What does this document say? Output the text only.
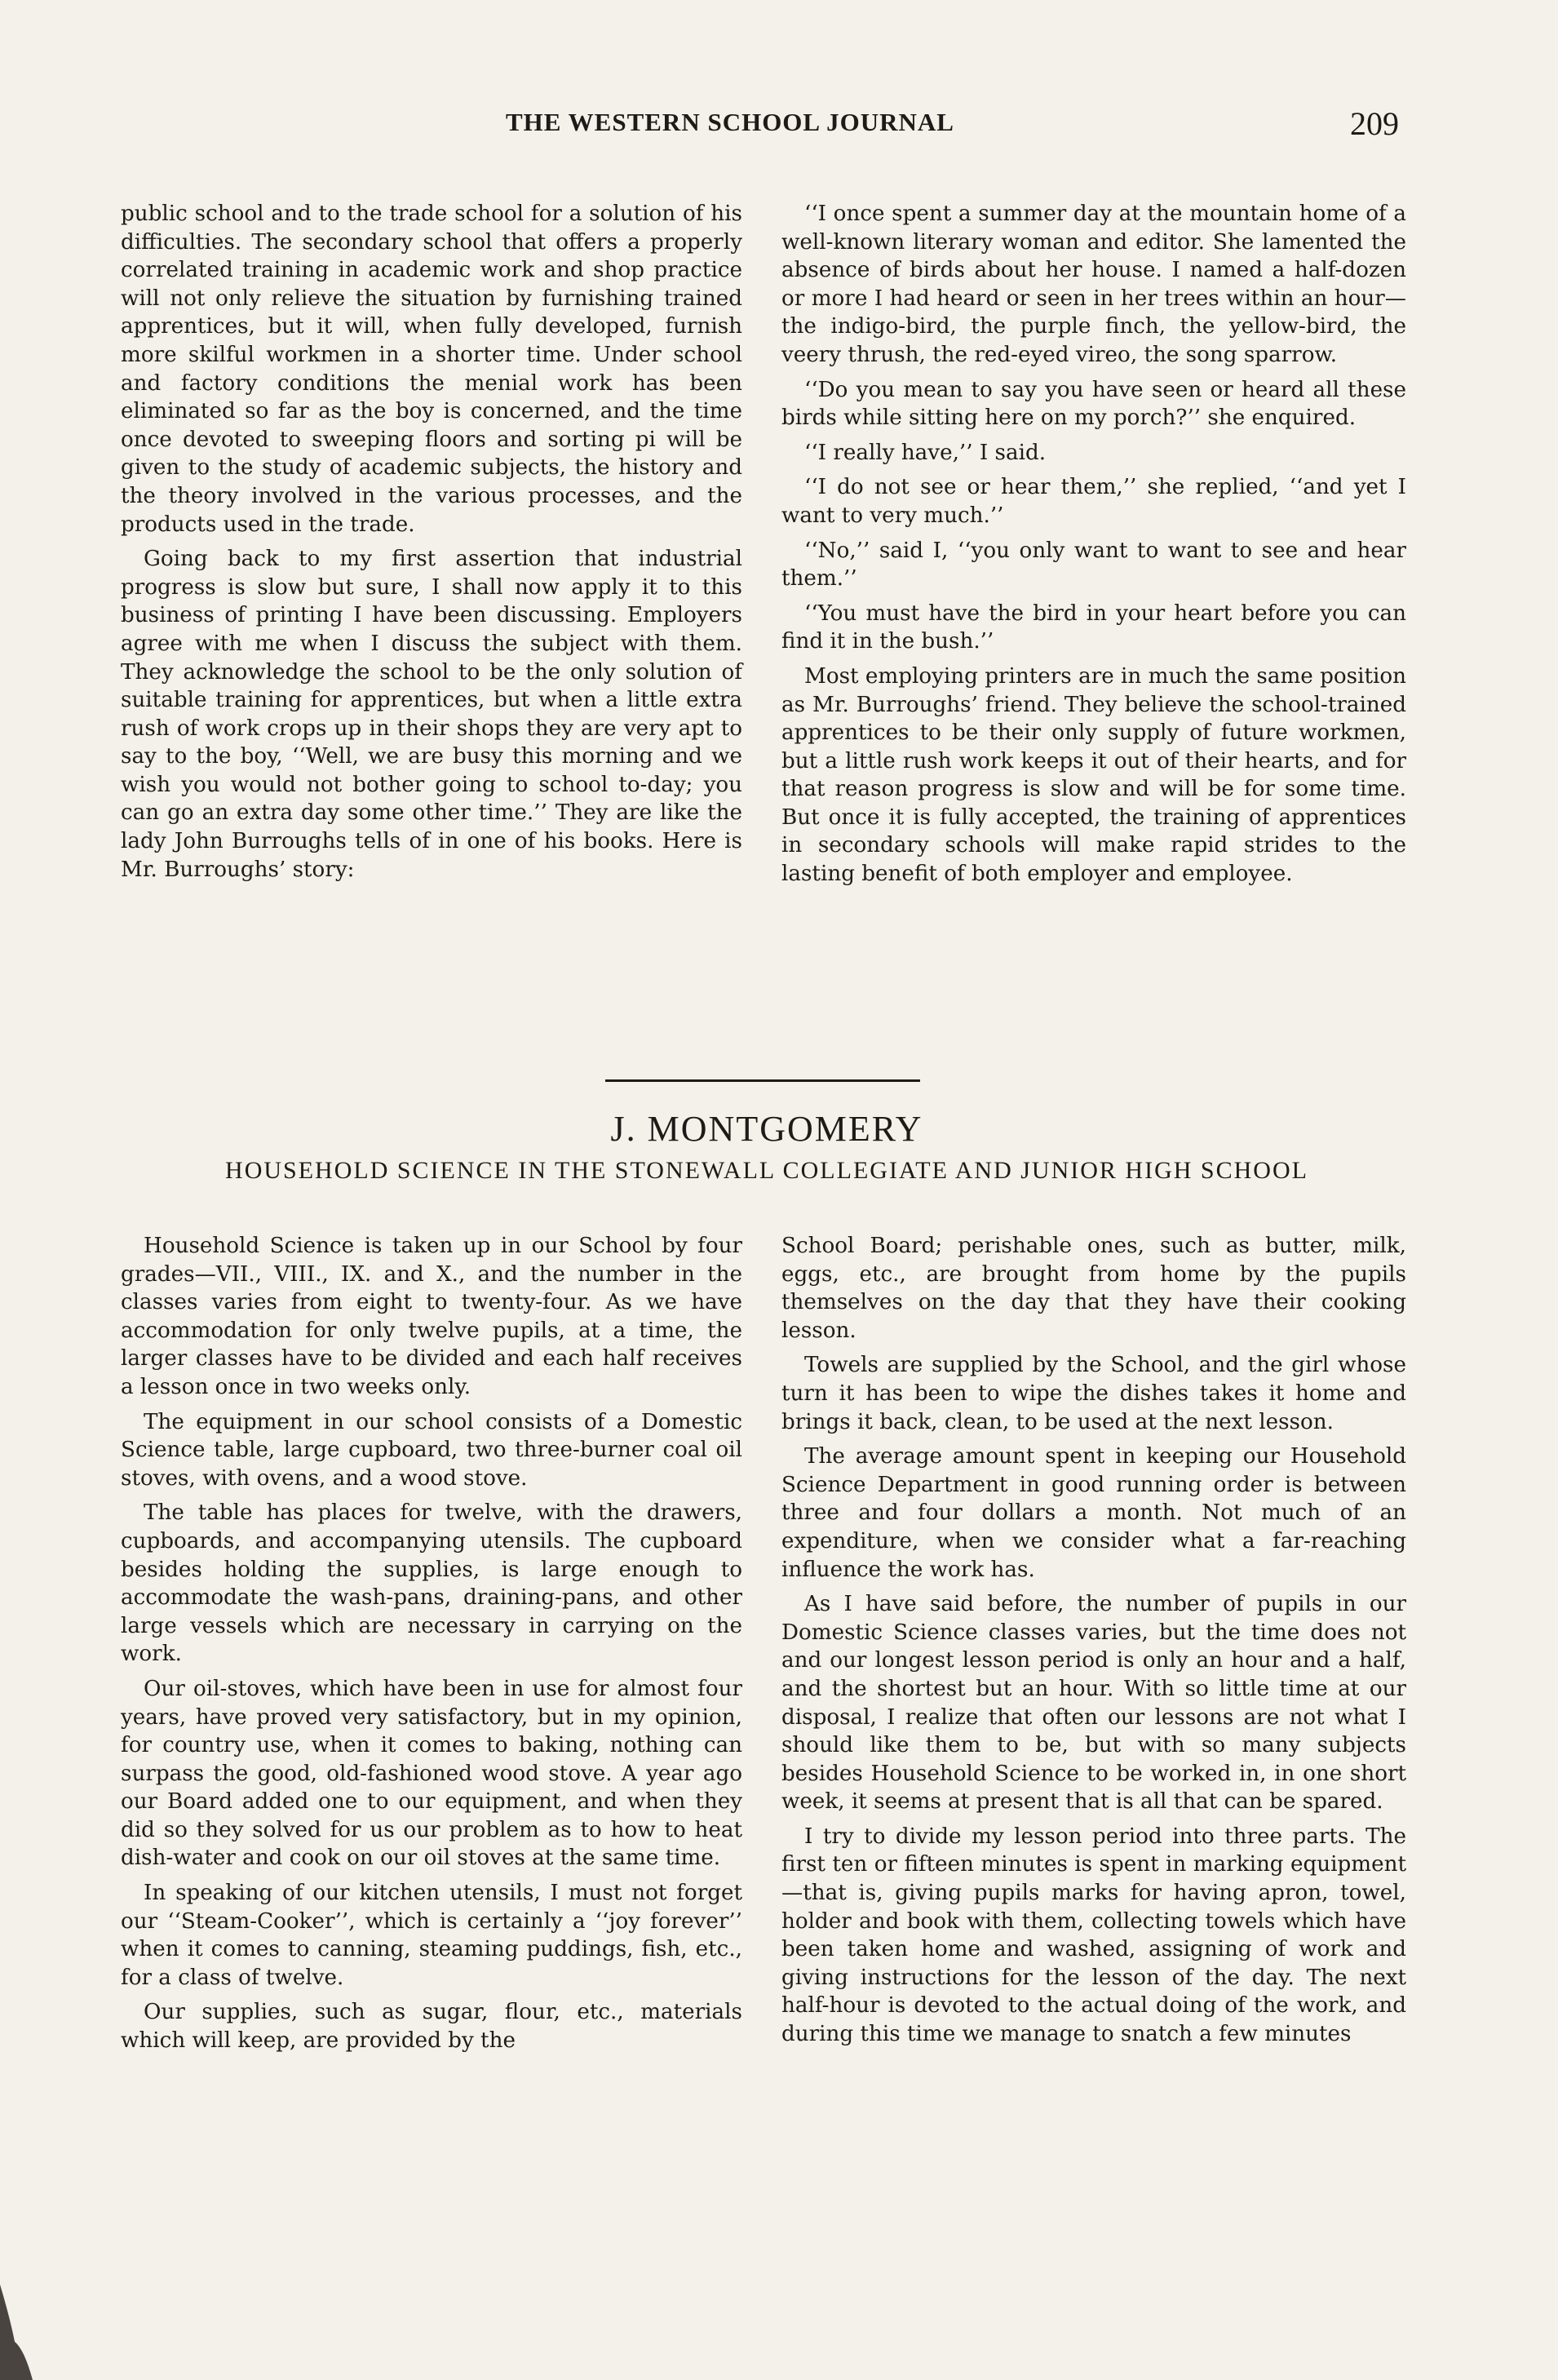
THE WESTERN SCHOOL JOURNAL	209

public school and to the trade school for a solution of his difficulties. The secondary school that offers a properly correlated training in academic work and shop practice will not only relieve the situation by furnishing trained apprentices, but it will, when fully developed, furnish more skilful workmen in a shorter time. Under school and factory conditions the menial work has been eliminated so far as the boy is concerned, and the time once devoted to sweeping floors and sorting pi will be given to the study of academic subjects, the history and the theory involved in the various processes, and the products used in the trade.

Going back to my first assertion that industrial progress is slow but sure, I shall now apply it to this business of printing I have been discussing. Employers agree with me when I discuss the subject with them. They acknowledge the school to be the only solution of suitable training for apprentices, but when a little extra rush of work crops up in their shops they are very apt to say to the boy, ‘‘Well, we are busy this morning and we wish you would not bother going to school to-day; you can go an extra day some other time.’’ They are like the lady John Burroughs tells of in one of his books. Here is Mr. Burroughs’ story:

‘‘I once spent a summer day at the mountain home of a well-known literary woman and editor. She lamented the absence of birds about her house. I named a half-dozen or more I had heard or seen in her trees within an hour—the indigo-bird, the purple finch, the yellow-bird, the veery thrush, the red-eyed vireo, the song sparrow.

‘‘Do you mean to say you have seen or heard all these birds while sitting here on my porch?’’ she enquired.

‘‘I really have,’’ I said.

‘‘I do not see or hear them,’’ she replied, ‘‘and yet I want to very much.’’

‘‘No,’’ said I, ‘‘you only want to want to see and hear them.’’

‘‘You must have the bird in your heart before you can find it in the bush.’’

Most employing printers are in much the same position as Mr. Burroughs’ friend. They believe the school-trained apprentices to be their only supply of future workmen, but a little rush work keeps it out of their hearts, and for that reason progress is slow and will be for some time. But once it is fully accepted, the training of apprentices in secondary schools will make rapid strides to the lasting benefit of both employer and employee.

J. MONTGOMERY
HOUSEHOLD SCIENCE IN THE STONEWALL COLLEGIATE AND JUNIOR HIGH SCHOOL

Household Science is taken up in our School by four grades—VII., VIII., IX. and X., and the number in the classes varies from eight to twenty-four. As we have accommodation for only twelve pupils, at a time, the larger classes have to be divided and each half receives a lesson once in two weeks only.

The equipment in our school consists of a Domestic Science table, large cupboard, two three-burner coal oil stoves, with ovens, and a wood stove.

The table has places for twelve, with the drawers, cupboards, and accompanying utensils. The cupboard besides holding the supplies, is large enough to accommodate the wash-pans, draining-pans, and other large vessels which are necessary in carrying on the work.

Our oil-stoves, which have been in use for almost four years, have proved very satisfactory, but in my opinion, for country use, when it comes to baking, nothing can surpass the good, old-fashioned wood stove. A year ago our Board added one to our equipment, and when they did so they solved for us our problem as to how to heat dish-water and cook on our oil stoves at the same time.

In speaking of our kitchen utensils, I must not forget our ‘‘Steam-Cooker’’, which is certainly a ‘‘joy forever’’ when it comes to canning, steaming puddings, fish, etc., for a class of twelve.

Our supplies, such as sugar, flour, etc., materials which will keep, are provided by the

School Board; perishable ones, such as butter, milk, eggs, etc., are brought from home by the pupils themselves on the day that they have their cooking lesson.

Towels are supplied by the School, and the girl whose turn it has been to wipe the dishes takes it home and brings it back, clean, to be used at the next lesson.

The average amount spent in keeping our Household Science Department in good running order is between three and four dollars a month. Not much of an expenditure, when we consider what a far-reaching influence the work has.

As I have said before, the number of pupils in our Domestic Science classes varies, but the time does not and our longest lesson period is only an hour and a half, and the shortest but an hour. With so little time at our disposal, I realize that often our lessons are not what I should like them to be, but with so many subjects besides Household Science to be worked in, in one short week, it seems at present that is all that can be spared.

I try to divide my lesson period into three parts. The first ten or fifteen minutes is spent in marking equipment—that is, giving pupils marks for having apron, towel, holder and book with them, collecting towels which have been taken home and washed, assigning of work and giving instructions for the lesson of the day. The next half-hour is devoted to the actual doing of the work, and during this time we manage to snatch a few minutes
